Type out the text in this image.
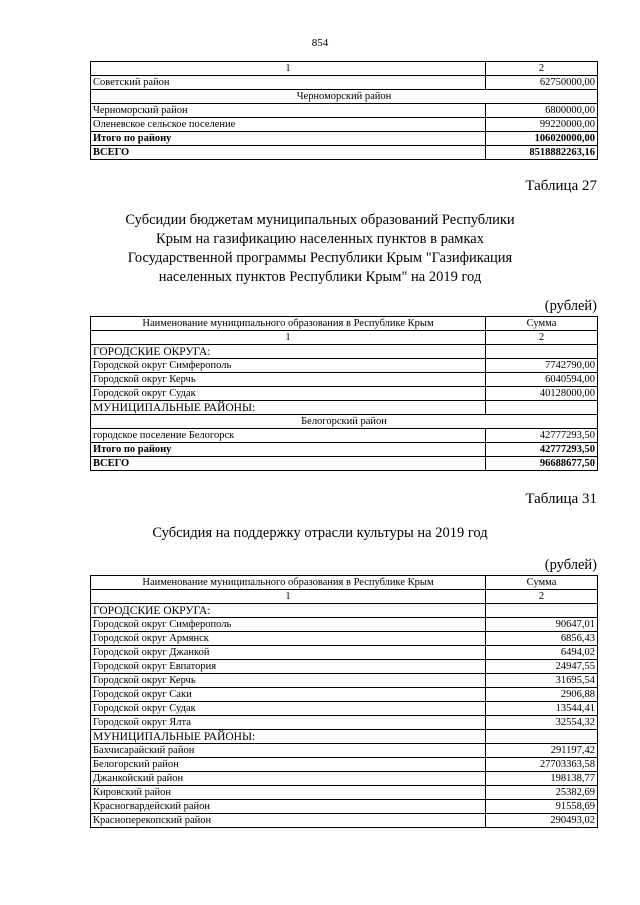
854
1	2
Советский район	62750000,00
Черноморский район	
Черноморский район	6800000,00
Оленевское сельское поселение	99220000,00
Итого по району	106020000,00
ВСЕГО	8518882263,16
Таблица 27
Субсидии бюджетам муниципальных образований Республики Крым на газификацию населенных пунктов в рамках Государственной программы Республики Крым "Газификация населенных пунктов Республики Крым" на 2019 год
(рублей)
Наименование муниципального образования в Республике Крым	Сумма
1	2
ГОРОДСКИЕ ОКРУГА:	
Городской округ Симферополь	7742790,00
Городской округ Керчь	6040594,00
Городской округ Судак	40128000,00
МУНИЦИПАЛЬНЫЕ РАЙОНЫ:	
Белогорский район	
городское поселение Белогорск	42777293,50
Итого по району	42777293,50
ВСЕГО	96688677,50
Таблица 31
Субсидия на поддержку отрасли культуры на 2019 год
(рублей)
Наименование муниципального образования в Республике Крым	Сумма
1	2
ГОРОДСКИЕ ОКРУГА:	
Городской округ Симферополь	90647,01
Городской округ Армянск	6856,43
Городской округ Джанкой	6494,02
Городской округ Евпатория	24947,55
Городской округ Керчь	31695,54
Городской округ Саки	2906,88
Городской округ Судак	13544,41
Городской округ Ялта	32554,32
МУНИЦИПАЛЬНЫЕ РАЙОНЫ:	
Бахчисарайский район	291197,42
Белогорский район	27703363,58
Джанкойский район	198138,77
Кировский район	25382,69
Красногвардейский район	91558,69
Красноперекопский район	290493,02
